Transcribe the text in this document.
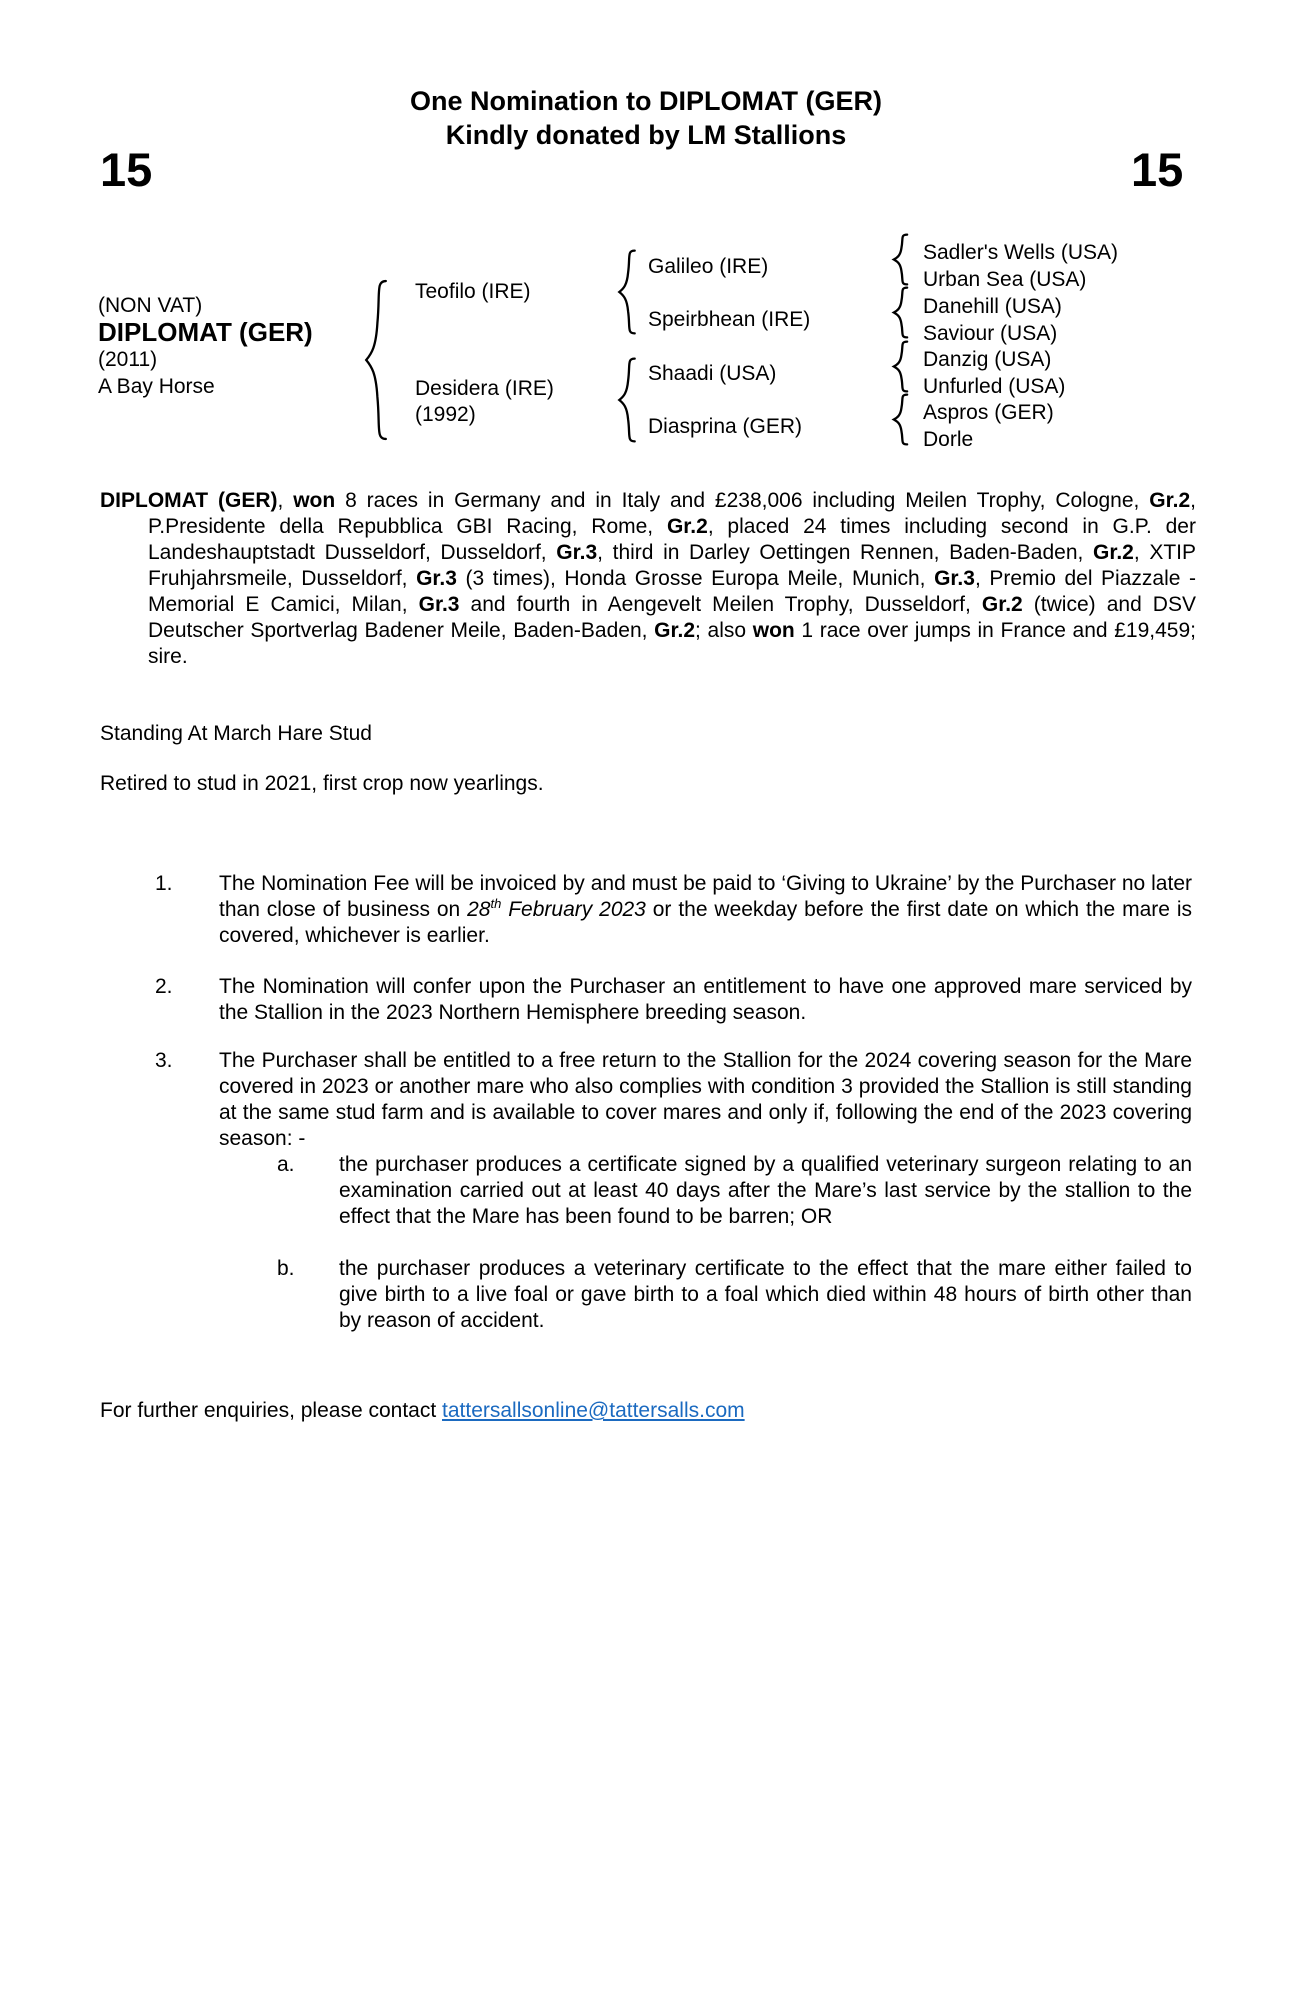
One Nomination to DIPLOMAT (GER)
Kindly donated by LM Stallions
15	15
(NON VAT)
DIPLOMAT (GER)
(2011)
A Bay Horse
Teofilo (IRE)
Desidera (IRE)
(1992)
Galileo (IRE)
Speirbhean (IRE)
Shaadi (USA)
Diasprina (GER)
Sadler's Wells (USA)
Urban Sea (USA)
Danehill (USA)
Saviour (USA)
Danzig (USA)
Unfurled (USA)
Aspros (GER)
Dorle
DIPLOMAT (GER), won 8 races in Germany and in Italy and £238,006 including Meilen Trophy, Cologne, Gr.2, P.Presidente della Repubblica GBI Racing, Rome, Gr.2, placed 24 times including second in G.P. der Landeshauptstadt Dusseldorf, Dusseldorf, Gr.3, third in Darley Oettingen Rennen, Baden-Baden, Gr.2, XTIP Fruhjahrsmeile, Dusseldorf, Gr.3 (3 times), Honda Grosse Europa Meile, Munich, Gr.3, Premio del Piazzale - Memorial E Camici, Milan, Gr.3 and fourth in Aengevelt Meilen Trophy, Dusseldorf, Gr.2 (twice) and DSV Deutscher Sportverlag Badener Meile, Baden-Baden, Gr.2; also won 1 race over jumps in France and £19,459; sire.
Standing At March Hare Stud
Retired to stud in 2021, first crop now yearlings.
1. The Nomination Fee will be invoiced by and must be paid to ‘Giving to Ukraine’ by the Purchaser no later than close of business on 28th February 2023 or the weekday before the first date on which the mare is covered, whichever is earlier.
2. The Nomination will confer upon the Purchaser an entitlement to have one approved mare serviced by the Stallion in the 2023 Northern Hemisphere breeding season.
3. The Purchaser shall be entitled to a free return to the Stallion for the 2024 covering season for the Mare covered in 2023 or another mare who also complies with condition 3 provided the Stallion is still standing at the same stud farm and is available to cover mares and only if, following the end of the 2023 covering season: -
a. the purchaser produces a certificate signed by a qualified veterinary surgeon relating to an examination carried out at least 40 days after the Mare’s last service by the stallion to the effect that the Mare has been found to be barren; OR
b. the purchaser produces a veterinary certificate to the effect that the mare either failed to give birth to a live foal or gave birth to a foal which died within 48 hours of birth other than by reason of accident.
For further enquiries, please contact tattersallsonline@tattersalls.com
